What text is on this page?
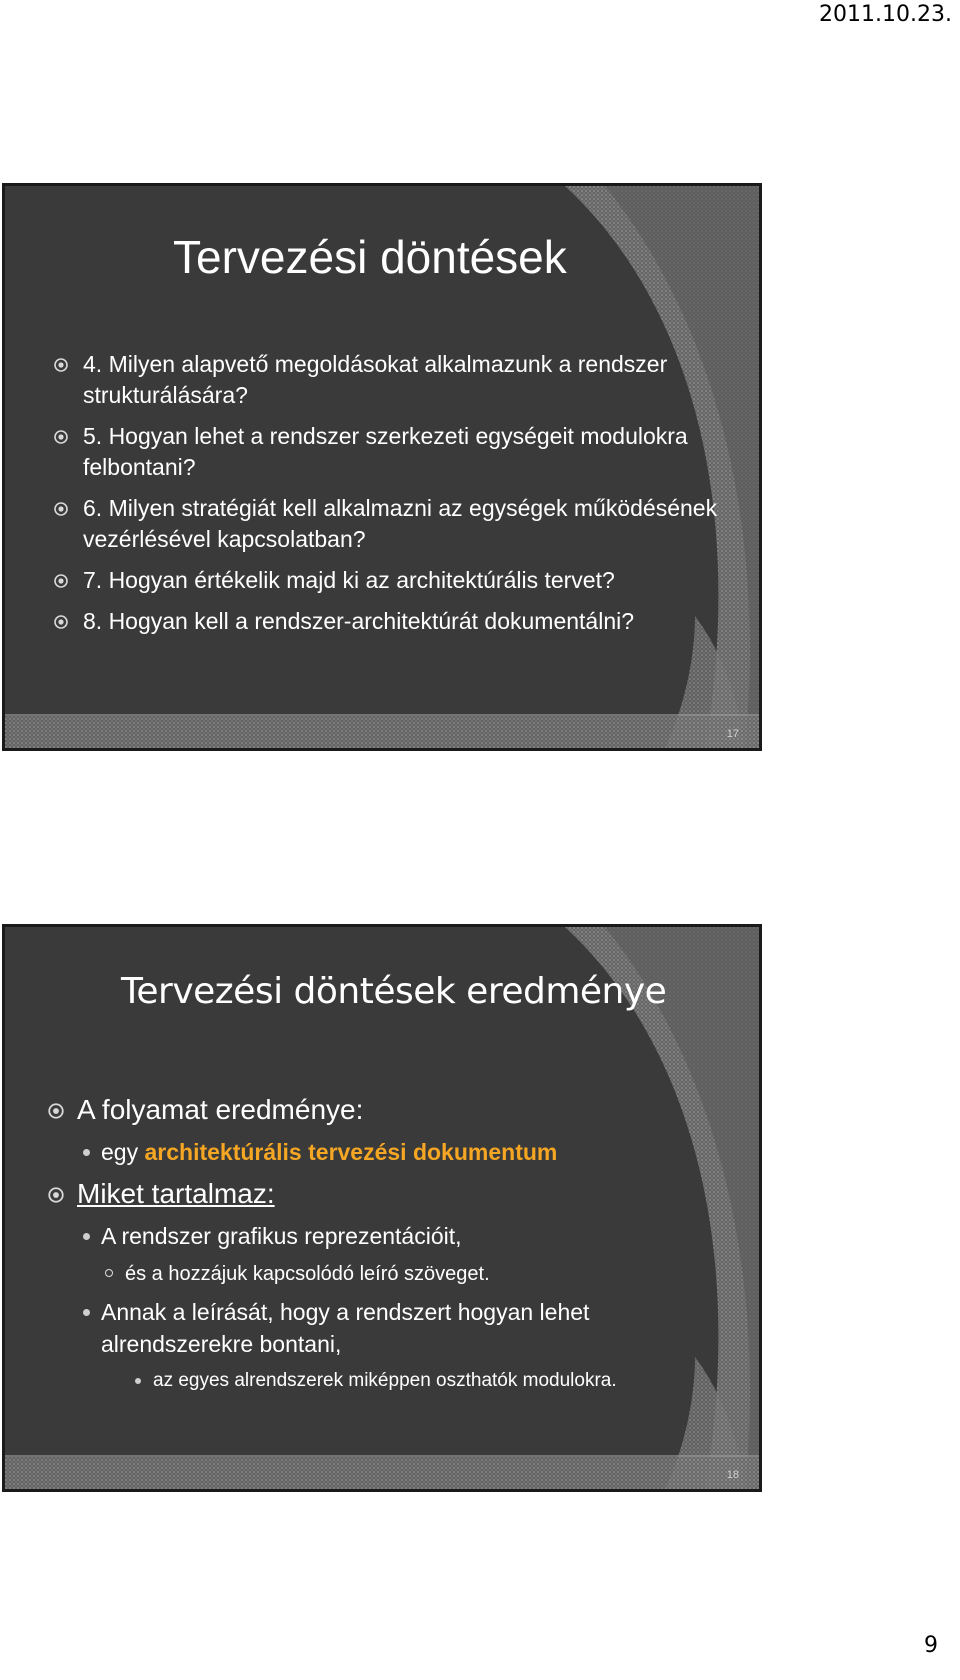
2011.10.23.
Tervezési döntések
4. Milyen alapvető megoldásokat alkalmazunk a rendszer strukturálására?
5. Hogyan lehet a rendszer szerkezeti egységeit modulokra felbontani?
6. Milyen stratégiát kell alkalmazni az egységek működésének vezérlésével kapcsolatban?
7. Hogyan értékelik majd ki az architektúrális tervet?
8. Hogyan kell a rendszer-architektúrát dokumentálni?
17
Tervezési döntések eredménye
A folyamat eredménye:
egy architektúrális tervezési dokumentum
Miket tartalmaz:
A rendszer grafikus reprezentációit,
és a hozzájuk kapcsolódó leíró szöveget.
Annak a leírását, hogy a rendszert hogyan lehet alrendszerekre bontani,
az egyes alrendszerek miképpen oszthatók modulokra.
18
9
